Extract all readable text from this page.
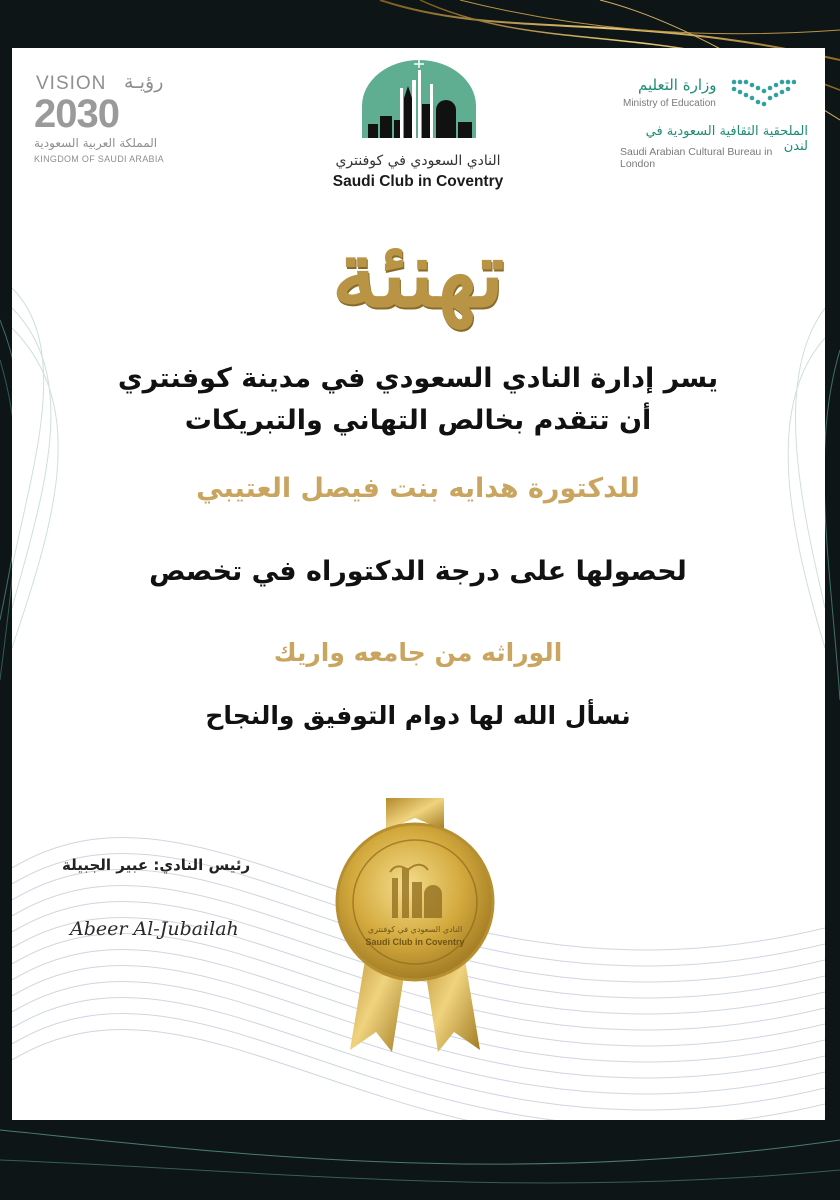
VISION رؤيـة
2030
المملكة العربية السعودية
KINGDOM OF SAUDI ARABIA	النادي السعودي في كوفنتري
Saudi Club in Coventry
وزارة التعليم
Ministry of Education
الملحقية الثقافية السعودية في لندن
Saudi Arabian Cultural Bureau in London
تهنئة
يسر إدارة النادي السعودي في مدينة كوفنتري
أن تتقدم بخالص التهاني والتبريكات
للدكتورة هدايه بنت فيصل العتيبي
لحصولها على درجة الدكتوراه في تخصص
الوراثه من جامعه واريك
نسأل الله لها دوام التوفيق والنجاح
رئيس النادي: عبير الجبيلة
Abeer Al-Jubailah	النادي السعودي في كوفنتري
Saudi Club in Coventry
